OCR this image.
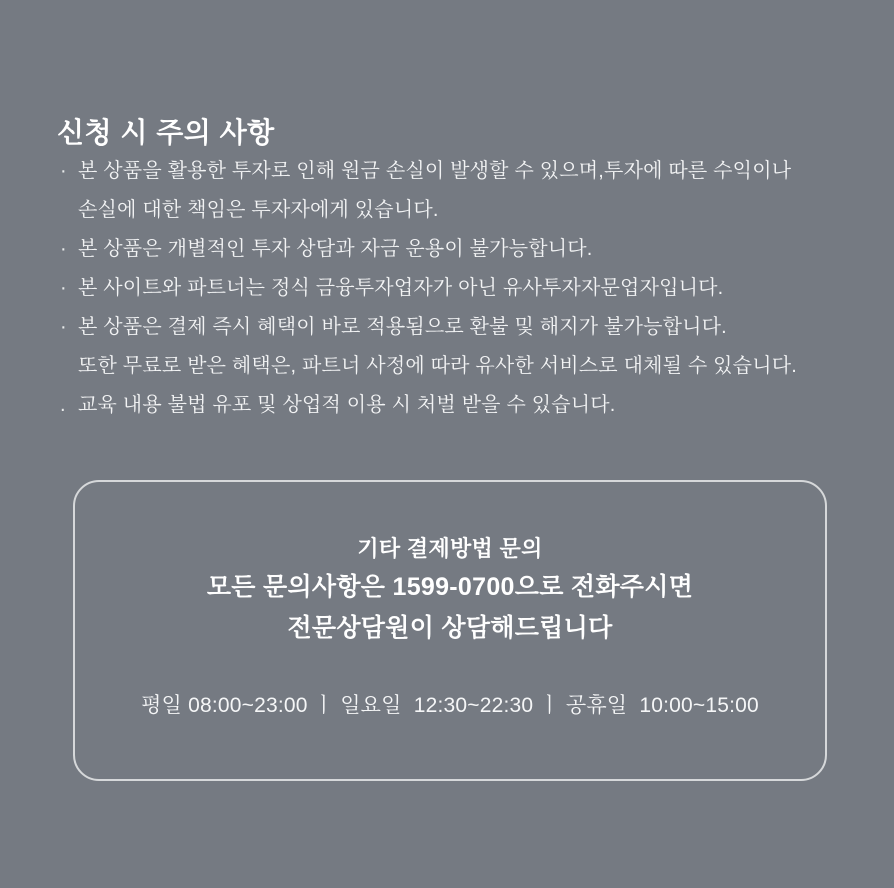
신청 시 주의 사항
· 본 상품을 활용한 투자로 인해 원금 손실이 발생할 수 있으며,투자에 따른 수익이나
손실에 대한 책임은 투자자에게 있습니다.
· 본 상품은 개별적인 투자 상담과 자금 운용이 불가능합니다.
· 본 사이트와 파트너는 정식 금융투자업자가 아닌 유사투자자문업자입니다.
· 본 상품은 결제 즉시 혜택이 바로 적용됨으로 환불 및 해지가 불가능합니다.
또한 무료로 받은 혜택은, 파트너 사정에 따라 유사한 서비스로 대체될 수 있습니다.
. 교육 내용 불법 유포 및 상업적 이용 시 처벌 받을 수 있습니다.
기타 결제방법 문의
모든 문의사항은 1599-0700으로 전화주시면
전문상담원이 상담해드립니다
평일 08:00~23:00 ㅣ 일요일  12:30~22:30 ㅣ 공휴일  10:00~15:00
